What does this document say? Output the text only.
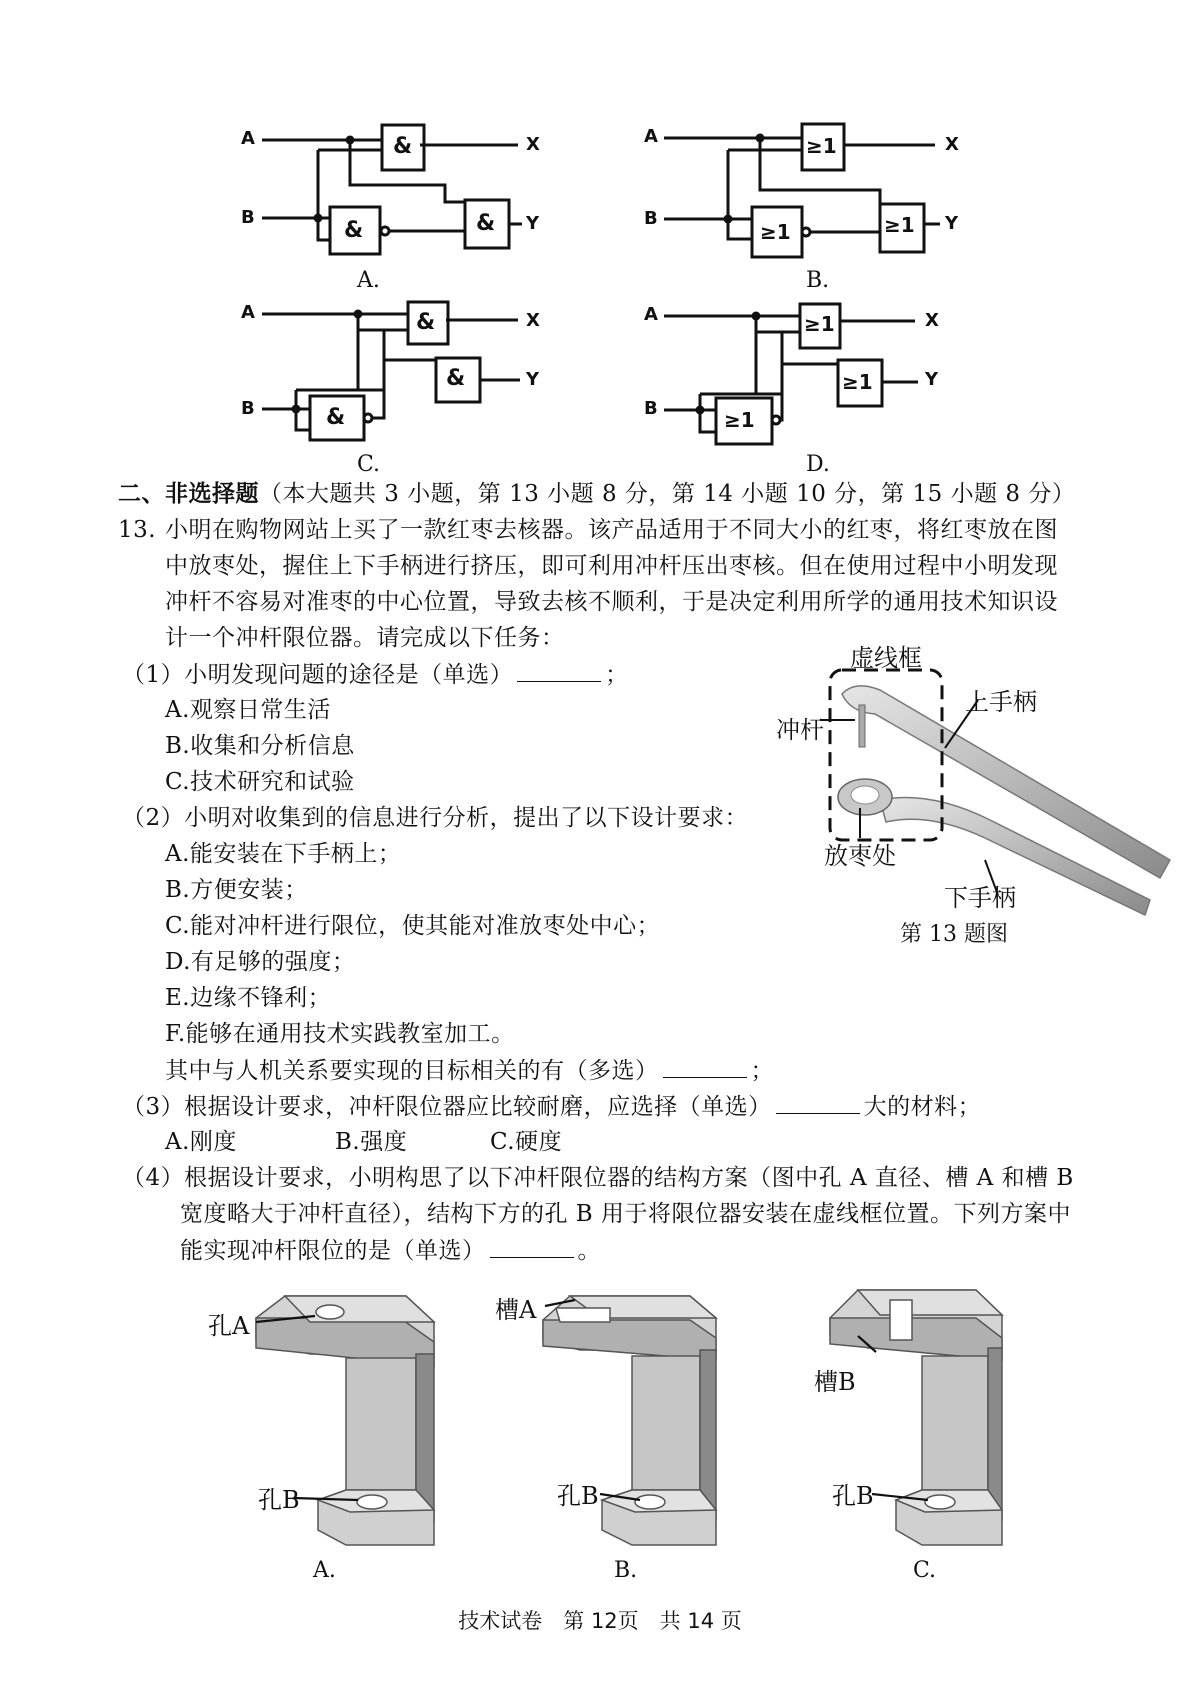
&
&	&
A
B
X
Y
A.
≥1
≥1	≥1
A
B
X
Y
B.
&
&
&
A
B
X
Y
C.
≥1
≥1
≥1
A
B
X
Y
D.
二、非选择题（本大题共 3 小题，第 13 小题 8 分，第 14 小题 10 分，第 15 小题 8 分）
13. 小明在购物网站上买了一款红枣去核器。该产品适用于不同大小的红枣，将红枣放在图
中放枣处，握住上下手柄进行挤压，即可利用冲杆压出枣核。但在使用过程中小明发现
冲杆不容易对准枣的中心位置，导致去核不顺利，于是决定利用所学的通用技术知识设
计一个冲杆限位器。请完成以下任务：
（1）小明发现问题的途径是（单选）	；
A.观察日常生活
B.收集和分析信息
C.技术研究和试验
（2）小明对收集到的信息进行分析，提出了以下设计要求：
A.能安装在下手柄上；
B.方便安装；
C.能对冲杆进行限位，使其能对准放枣处中心；
D.有足够的强度；
E.边缘不锋利；
F.能够在通用技术实践教室加工。
其中与人机关系要实现的目标相关的有（多选）	；
（3）根据设计要求，冲杆限位器应比较耐磨，应选择（单选）	大的材料；
A.刚度	B.强度	C.硬度
（4）根据设计要求，小明构思了以下冲杆限位器的结构方案（图中孔 A 直径、槽 A 和槽 B
宽度略大于冲杆直径），结构下方的孔 B 用于将限位器安装在虚线框位置。下列方案中
能实现冲杆限位的是（单选）	。
虚线框
上手柄
冲杆
放枣处
下手柄
第 13 题图
孔A
孔B
A.
槽A
孔B
B.
槽B
孔B
C.
技术试卷　第 12页　共 14 页
